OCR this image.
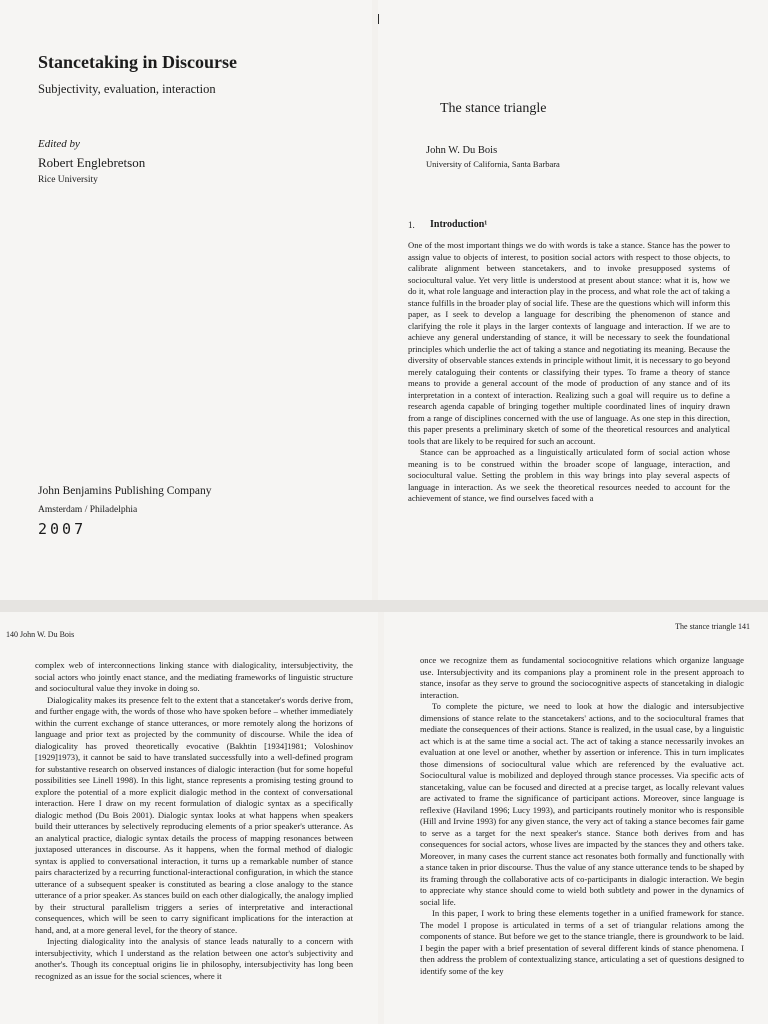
Stancetaking in Discourse
Subjectivity, evaluation, interaction
Edited by
Robert Englebretson
Rice University
John Benjamins Publishing Company
Amsterdam / Philadelphia
2007
The stance triangle
John W. Du Bois
University of California, Santa Barbara
1. Introduction¹

One of the most important things we do with words is take a stance. Stance has the power to assign value to objects of interest, to position social actors with respect to those objects, to calibrate alignment between stancetakers, and to invoke presupposed systems of sociocultural value. Yet very little is understood at present about stance: what it is, how we do it, what role language and interaction play in the process, and what role the act of taking a stance fulfills in the broader play of social life. These are the questions which will inform this paper, as I seek to develop a language for describing the phenomenon of stance and clarifying the role it plays in the larger contexts of language and interaction. If we are to achieve any general understanding of stance, it will be necessary to seek the foundational principles which underlie the act of taking a stance and negotiating its meaning. Because the diversity of observable stances extends in principle without limit, it is necessary to go beyond merely cataloguing their contents or classifying their types. To frame a theory of stance means to provide a general account of the mode of production of any stance and of its interpretation in a context of interaction. Realizing such a goal will require us to define a research agenda capable of bringing together multiple coordinated lines of inquiry drawn from a range of disciplines concerned with the use of language. As one step in this direction, this paper presents a preliminary sketch of some of the theoretical resources and analytical tools that are likely to be required for such an account.

Stance can be approached as a linguistically articulated form of social action whose meaning is to be construed within the broader scope of language, interaction, and sociocultural value. Setting the problem in this way brings into play several aspects of language in interaction. As we seek the theoretical resources needed to account for the achievement of stance, we find ourselves faced with a

140 John W. Du Bois

complex web of interconnections linking stance with dialogicality, intersubjectivity, the social actors who jointly enact stance, and the mediating frameworks of linguistic structure and sociocultural value they invoke in doing so.

Dialogicality makes its presence felt to the extent that a stancetaker's words derive from, and further engage with, the words of those who have spoken before – whether immediately within the current exchange of stance utterances, or more remotely along the horizons of language and prior text as projected by the community of discourse. While the idea of dialogicality has proved theoretically evocative (Bakhtin [1934]1981; Voloshinov [1929]1973), it cannot be said to have translated successfully into a well-defined program for substantive research on observed instances of dialogic interaction (but for some hopeful possibilities see Linell 1998). In this light, stance represents a promising testing ground to explore the potential of a more explicit dialogic method in the context of conversational interaction. Here I draw on my recent formulation of dialogic syntax as a specifically dialogic method (Du Bois 2001). Dialogic syntax looks at what happens when speakers build their utterances by selectively reproducing elements of a prior speaker's utterance. As an analytical practice, dialogic syntax details the process of mapping resonances between juxtaposed utterances in discourse. As it happens, when the formal method of dialogic syntax is applied to conversational interaction, it turns up a remarkable number of stance pairs characterized by a recurring functional-interactional configuration, in which the stance utterance of a subsequent speaker is constituted as bearing a close analogy to the stance utterance of a prior speaker. As stances build on each other dialogically, the analogy implied by their structural parallelism triggers a series of interpretative and interactional consequences, which will be seen to carry significant implications for the interaction at hand, and, at a more general level, for the theory of stance.

Injecting dialogicality into the analysis of stance leads naturally to a concern with intersubjectivity, which I understand as the relation between one actor's subjectivity and another's. Though its conceptual origins lie in philosophy, intersubjectivity has long been recognized as an issue for the social sciences, where it

The stance triangle 141

once we recognize them as fundamental sociocognitive relations which organize language use. Intersubjectivity and its companions play a prominent role in the present approach to stance, insofar as they serve to ground the sociocognitive aspects of stancetaking in dialogic interaction.

To complete the picture, we need to look at how the dialogic and intersubjective dimensions of stance relate to the stancetakers' actions, and to the sociocultural frames that mediate the consequences of their actions. Stance is realized, in the usual case, by a linguistic act which is at the same time a social act. The act of taking a stance necessarily invokes an evaluation at one level or another, whether by assertion or inference. This in turn implicates those dimensions of sociocultural value which are referenced by the evaluative act. Sociocultural value is mobilized and deployed through stance processes. Via specific acts of stancetaking, value can be focused and directed at a precise target, as locally relevant values are activated to frame the significance of participant actions. Moreover, since language is reflexive (Haviland 1996; Lucy 1993), and participants routinely monitor who is responsible (Hill and Irvine 1993) for any given stance, the very act of taking a stance becomes fair game to serve as a target for the next speaker's stance. Stance both derives from and has consequences for social actors, whose lives are impacted by the stances they and others take. Moreover, in many cases the current stance act resonates both formally and functionally with a stance taken in prior discourse. Thus the value of any stance utterance tends to be shaped by its framing through the collaborative acts of co-participants in dialogic interaction. We begin to appreciate why stance should come to wield both subtlety and power in the dynamics of social life.

In this paper, I work to bring these elements together in a unified framework for stance. The model I propose is articulated in terms of a set of triangular relations among the components of stance. But before we get to the stance triangle, there is groundwork to be laid. I begin the paper with a brief presentation of several different kinds of stance phenomena. I then address the problem of contextualizing stance, articulating a set of questions designed to identify some of the key
